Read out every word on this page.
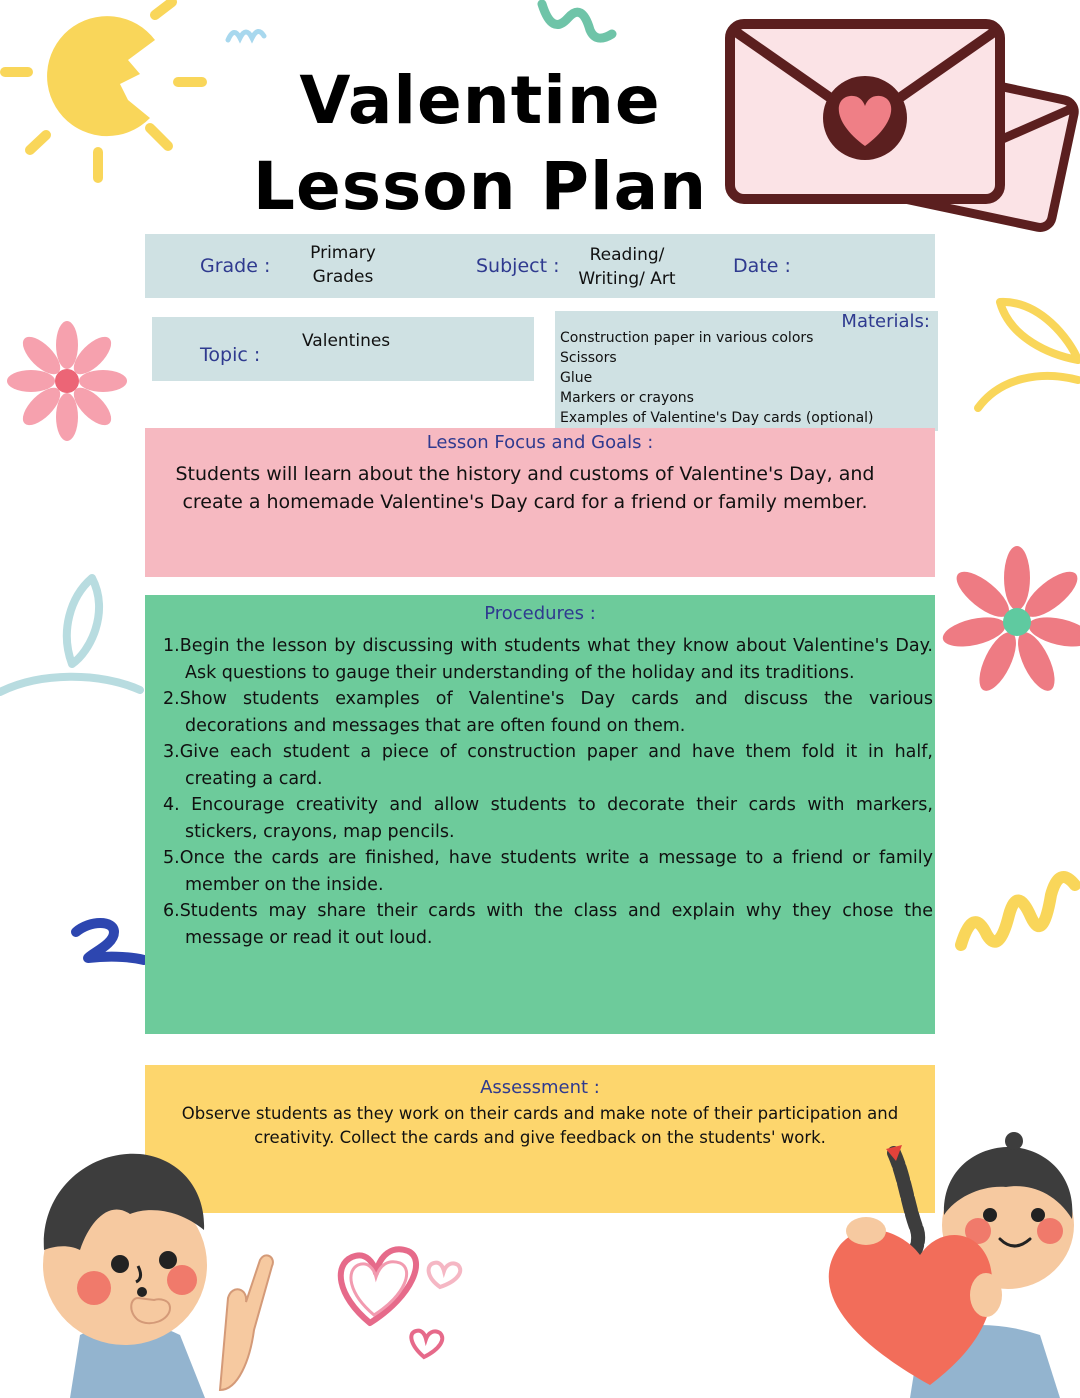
Valentine
Lesson Plan
Grade :
Primary
Grades	Subject :	Reading/
Writing/ Art
Date :
Topic :
Valentines
Materials:
Construction paper in various colors
Scissors
Glue
Markers or crayons
Examples of Valentine's Day cards (optional)
Lesson Focus and Goals :
Students will learn about the history and customs of Valentine's Day, and create a homemade Valentine's Day card for a friend or family member.
Procedures :
1.Begin the lesson by discussing with students what they know about Valentine's Day. Ask questions to gauge their understanding of the holiday and its traditions.
2.Show students examples of Valentine's Day cards and discuss the various decorations and messages that are often found on them.
3.Give each student a piece of construction paper and have them fold it in half, creating a card.
4. Encourage creativity and allow students to decorate their cards with markers, stickers, crayons, map pencils.
5.Once the cards are finished, have students write a message to a friend or family member on the inside.
6.Students may share their cards with the class and explain why they chose the message or read it out loud.
Assessment :
Observe students as they work on their cards and make note of their participation and creativity. Collect the cards and give feedback on the students' work.
